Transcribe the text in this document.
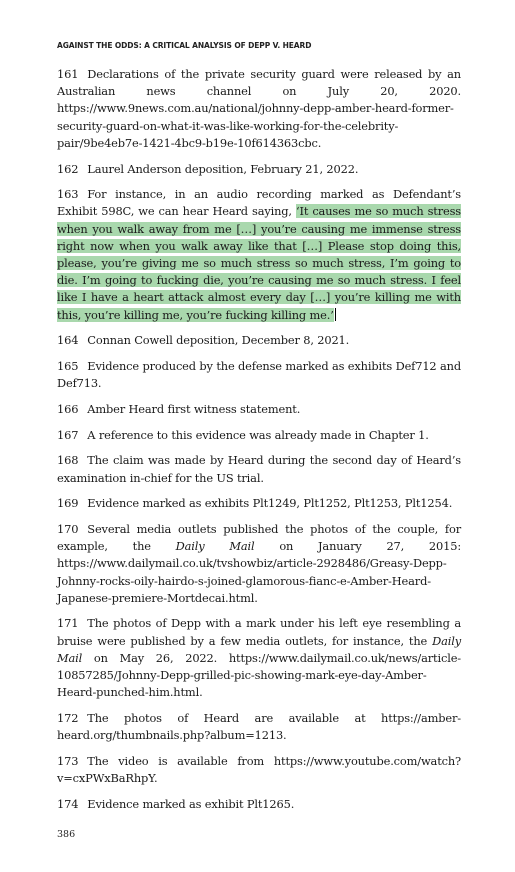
AGAINST THE ODDS: A CRITICAL ANALYSIS OF DEPP V. HEARD

161 Declarations of the private security guard were released by an Australian news channel on July 20, 2020. https://www.9news.com.au/national/johnny-depp-amber-heard-former-security-guard-on-what-it-was-like-working-for-the-celebrity-pair/9be4eb7e-1421-4bc9-b19e-10f614363cbc.

162 Laurel Anderson deposition, February 21, 2022.

163 For instance, in an audio recording marked as Defendant’s Exhibit 598C, we can hear Heard saying, ‘It causes me so much stress when you walk away from me […] you’re causing me immense stress right now when you walk away like that […] Please stop doing this, please, you’re giving me so much stress so much stress, I’m going to die. I’m going to fucking die, you’re causing me so much stress. I feel like I have a heart attack almost every day […] you’re killing me with this, you’re killing me, you’re fucking killing me.’

164 Connan Cowell deposition, December 8, 2021.

165 Evidence produced by the defense marked as exhibits Def712 and Def713.

166 Amber Heard first witness statement.

167 A reference to this evidence was already made in Chapter 1.

168 The claim was made by Heard during the second day of Heard’s examination in-chief for the US trial.

169 Evidence marked as exhibits Plt1249, Plt1252, Plt1253, Plt1254.

170 Several media outlets published the photos of the couple, for example, the Daily Mail on January 27, 2015: https://www.dailymail.co.uk/tvshowbiz/article-2928486/Greasy-Depp-Johnny-rocks-oily-hairdo-s-joined-glamorous-fianc-e-Amber-Heard-Japanese-premiere-Mortdecai.html.

171 The photos of Depp with a mark under his left eye resembling a bruise were published by a few media outlets, for instance, the Daily Mail on May 26, 2022. https://www.dailymail.co.uk/news/article-10857285/Johnny-Depp-grilled-pic-showing-mark-eye-day-Amber-Heard-punched-him.html.

172 The photos of Heard are available at https://amber-heard.org/thumbnails.php?album=1213.

173 The video is available from https://www.youtube.com/watch?v=cxPWxBaRhpY.

174 Evidence marked as exhibit Plt1265.

386
